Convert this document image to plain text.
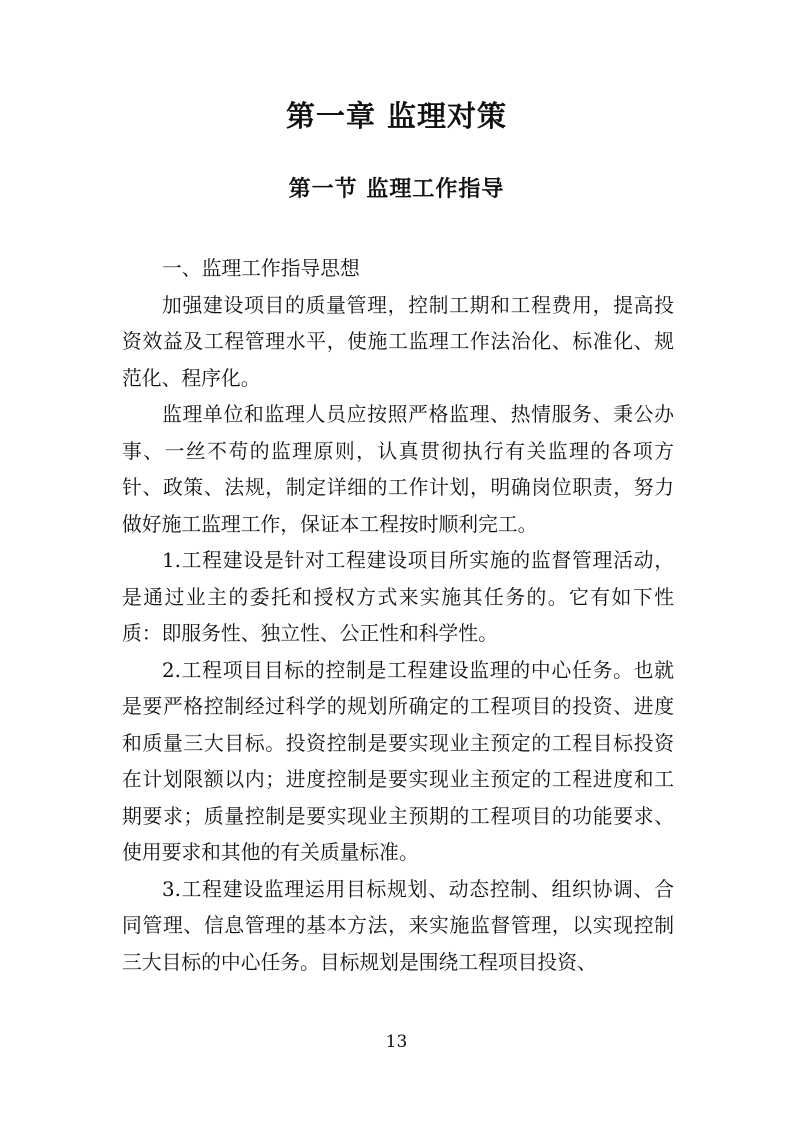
第一章 监理对策
第一节 监理工作指导

一、监理工作指导思想

加强建设项目的质量管理，控制工期和工程费用，提高投资效益及工程管理水平，使施工监理工作法治化、标准化、规范化、程序化。

监理单位和监理人员应按照严格监理、热情服务、秉公办事、一丝不苟的监理原则，认真贯彻执行有关监理的各项方针、政策、法规，制定详细的工作计划，明确岗位职责，努力做好施工监理工作，保证本工程按时顺利完工。

1.工程建设是针对工程建设项目所实施的监督管理活动，是通过业主的委托和授权方式来实施其任务的。它有如下性质：即服务性、独立性、公正性和科学性。

2.工程项目目标的控制是工程建设监理的中心任务。也就是要严格控制经过科学的规划所确定的工程项目的投资、进度和质量三大目标。投资控制是要实现业主预定的工程目标投资在计划限额以内；进度控制是要实现业主预定的工程进度和工期要求；质量控制是要实现业主预期的工程项目的功能要求、使用要求和其他的有关质量标准。

3.工程建设监理运用目标规划、动态控制、组织协调、合同管理、信息管理的基本方法，来实施监督管理，以实现控制三大目标的中心任务。目标规划是围绕工程项目投资、

13
